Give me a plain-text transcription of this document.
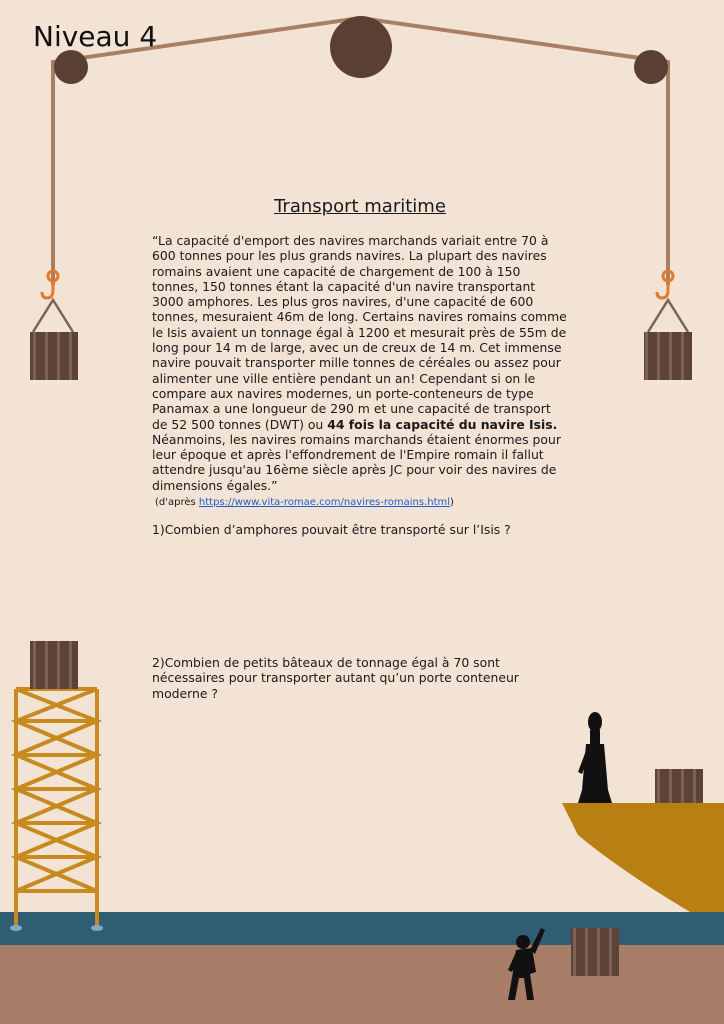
Niveau 4
Transport maritime

“La capacité d'emport des navires marchands variait entre 70 à 600 tonnes pour les plus grands navires. La plupart des navires romains avaient une capacité de chargement de 100 à 150 tonnes, 150 tonnes étant la capacité d'un navire transportant 3000 amphores. Les plus gros navires, d'une capacité de 600 tonnes, mesuraient 46m de long. Certains navires romains comme le Isis avaient un tonnage égal à 1200 et mesurait près de 55m de long pour 14 m de large, avec un de creux de 14 m. Cet immense navire pouvait transporter mille tonnes de céréales ou assez pour alimenter une ville entière pendant un an! Cependant si on le compare aux navires modernes, un porte-conteneurs de type Panamax a une longueur de 290 m et une capacité de transport de 52 500 tonnes (DWT) ou 44 fois la capacité du navire Isis. Néanmoins, les navires romains marchands étaient énormes pour leur époque et après l'effondrement de l'Empire romain il fallut attendre jusqu'au 16ème siècle après JC pour voir des navires de dimensions égales.”

(d'après https://www.vita-romae.com/navires-romains.html)

1)Combien d’amphores pouvait être transporté sur l’Isis ?

2)Combien de petits bâteaux de tonnage égal à 70 sont nécessaires pour transporter autant qu’un porte conteneur moderne ?
